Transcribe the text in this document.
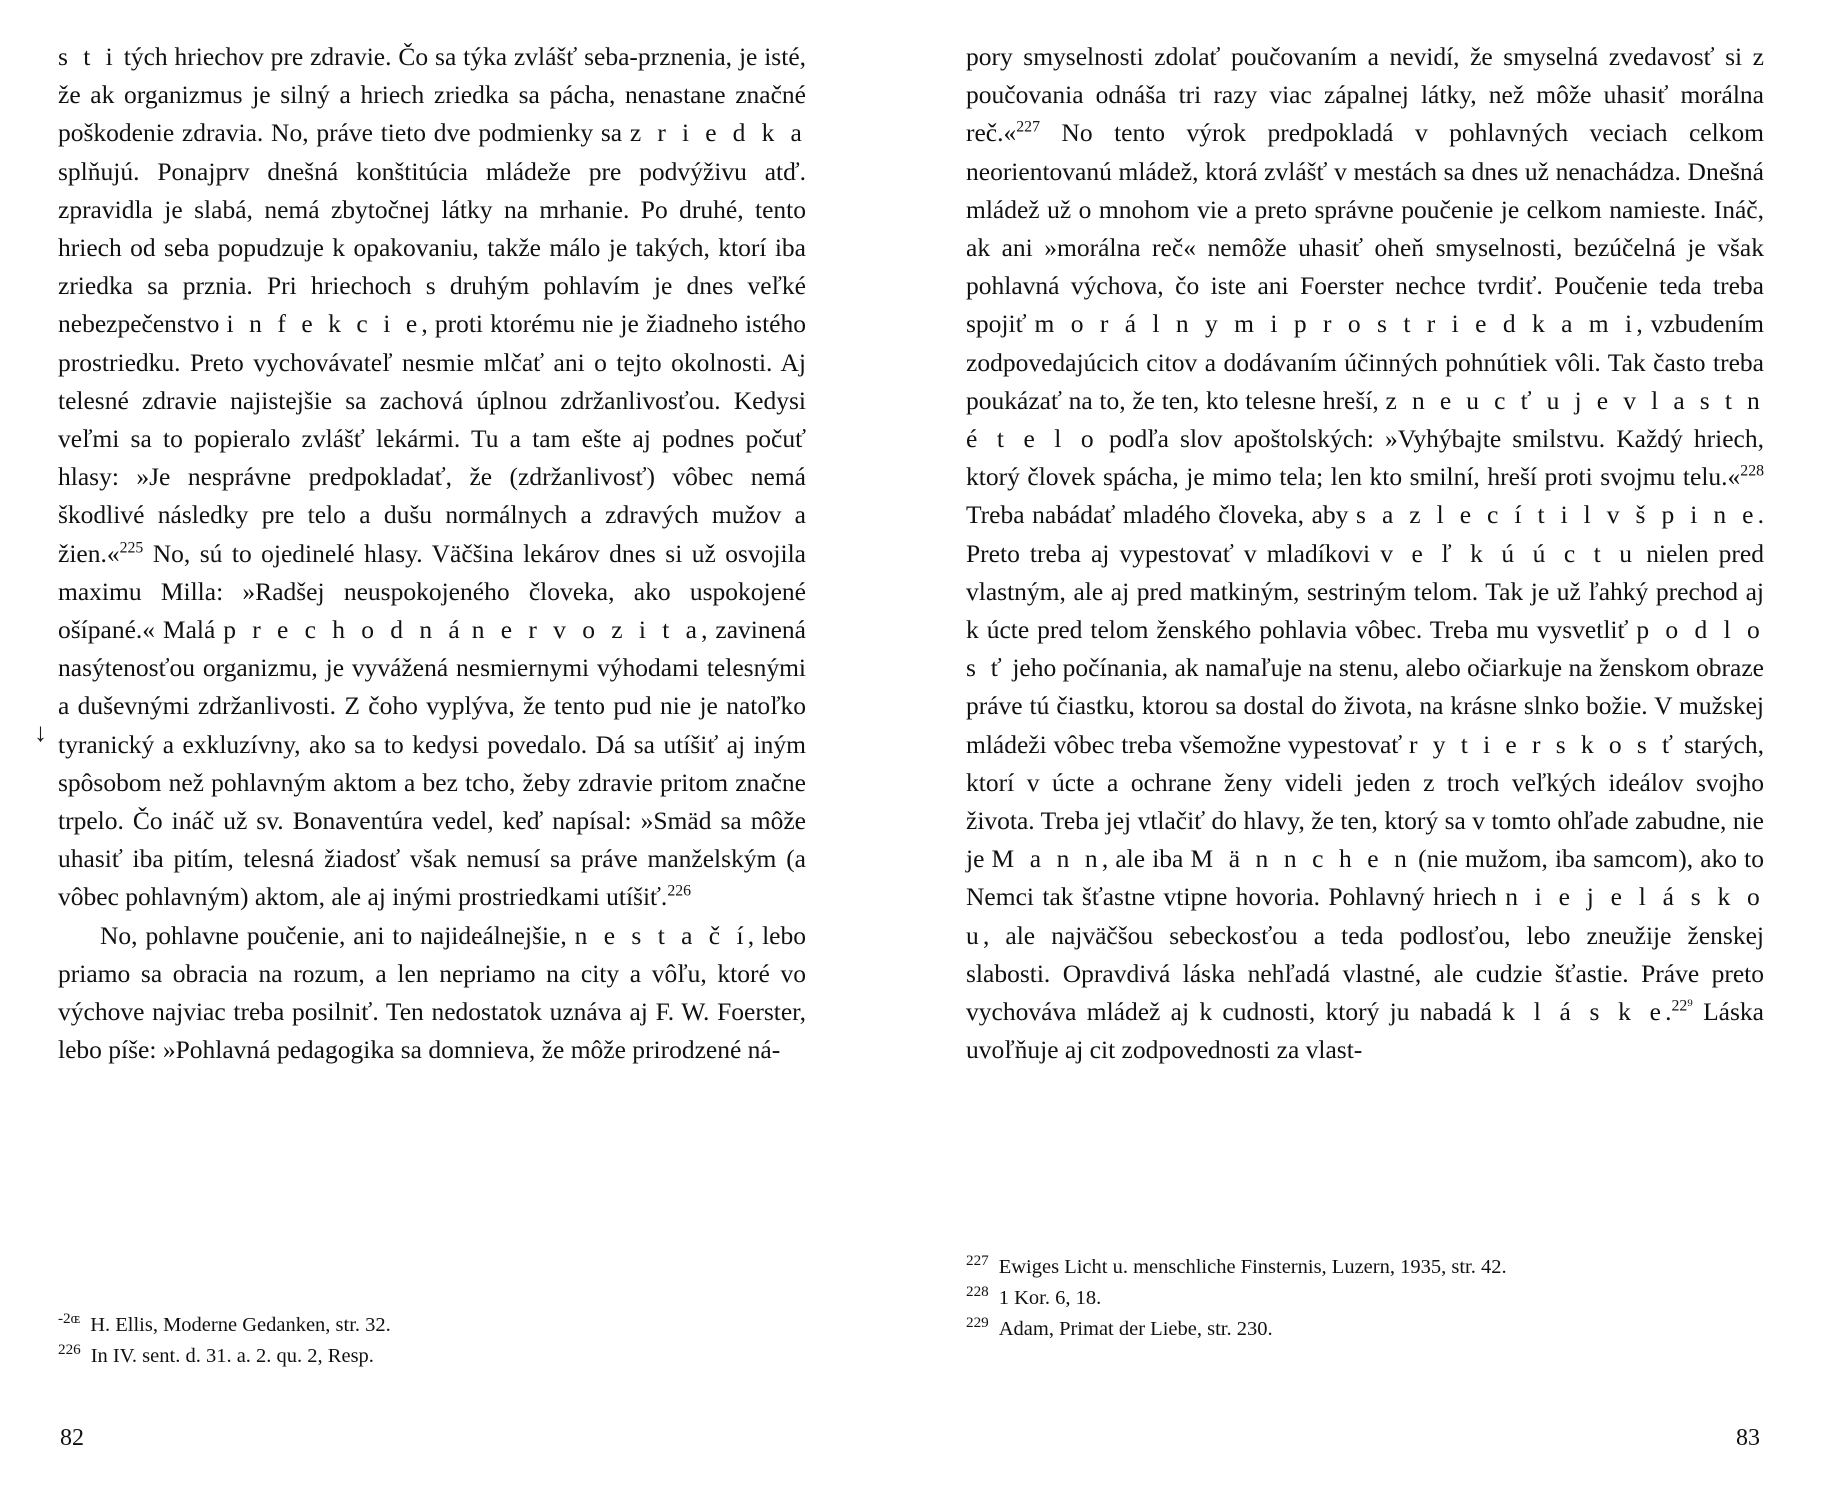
↓

s t i tých hriechov pre zdravie. Čo sa týka zvlášť seba-prznenia, je isté, že ak organizmus je silný a hriech zriedka sa pácha, nenastane značné poškodenie zdravia. No, práve tieto dve podmienky sa z r i e d k a splňujú. Ponajprv dnešná konštitúcia mládeže pre podvýživu atď. zpravidla je slabá, nemá zbytočnej látky na mrhanie. Po druhé, tento hriech od seba popudzuje k opakovaniu, takže málo je takých, ktorí iba zriedka sa prznia. Pri hriechoch s druhým pohlavím je dnes veľké nebezpečenstvo i n f e k c i e, proti ktorému nie je žiadneho istého prostriedku. Preto vychovávateľ nesmie mlčať ani o tejto okolnosti. Aj telesné zdravie najistejšie sa zachová úplnou zdržanlivosťou. Kedysi veľmi sa to popieralo zvlášť lekármi. Tu a tam ešte aj podnes počuť hlasy: »Je nesprávne predpokladať, že (zdržanlivosť) vôbec nemá škodlivé následky pre telo a dušu normálnych a zdravých mužov a žien.«$^{225}$ No, sú to ojedinelé hlasy. Väčšina lekárov dnes si už osvojila maximu Milla: »Radšej neuspokojeného človeka, ako uspokojené ošípané.« Malá p r e c h o d n á n e r v o z i t a, zavinená nasýtenosťou organizmu, je vyvážená nesmiernymi výhodami telesnými a duševnými zdržanlivosti. Z čoho vyplýva, že tento pud nie je natoľko tyranický a exkluzívny, ako sa to kedysi povedalo. Dá sa utíšiť aj iným spôsobom než pohlavným aktom a bez tcho, žeby zdravie pritom značne trpelo. Čo ináč už sv. Bonaventúra vedel, keď napísal: »Smäd sa môže uhasiť iba pitím, telesná žiadosť však nemusí sa práve manželským (a vôbec pohlavným) aktom, ale aj inými prostriedkami utíšiť.$^{226}$

No, pohlavne poučenie, ani to najideálnejšie, n e s t a č í, lebo priamo sa obracia na rozum, a len nepriamo na city a vôľu, ktoré vo výchove najviac treba posilniť. Ten nedostatok uznáva aj F. W. Foerster, lebo píše: »Pohlavná pedagogika sa domnieva, že môže prirodzené ná-

$^{-2ɶ}$ H. Ellis, Moderne Gedanken, str. 32.

$^{226}$ In IV. sent. d. 31. a. 2. qu. 2, Resp.

82

pory smyselnosti zdolať poučovaním a nevidí, že smyselná zvedavosť si z poučovania odnáša tri razy viac zápalnej látky, než môže uhasiť morálna reč.«$^{227}$ No tento výrok predpokladá v pohlavných veciach celkom neorientovanú mládež, ktorá zvlášť v mestách sa dnes už nenachádza. Dnešná mládež už o mnohom vie a preto správne poučenie je celkom namieste. Ináč, ak ani »morálna reč« nemôže uhasiť oheň smyselnosti, bezúčelná je však pohlavná výchova, čo iste ani Foerster nechce tvrdiť. Poučenie teda treba spojiť m o r á l n y m i p r o s t r i e d k a m i, vzbudením zodpovedajúcich citov a dodávaním účinných pohnútiek vôli. Tak často treba poukázať na to, že ten, kto telesne hreší, z n e u c ť u j e v l a s t n é t e l o podľa slov apoštolských: »Vyhýbajte smilstvu. Každý hriech, ktorý človek spácha, je mimo tela; len kto smilní, hreší proti svojmu telu.«$^{228}$ Treba nabádať mladého človeka, aby s a z l e c í t i l v š p i n e. Preto treba aj vypestovať v mladíkovi v e ľ k ú ú c t u nielen pred vlastným, ale aj pred matkiným, sestriným telom. Tak je už ľahký prechod aj k úcte pred telom ženského pohlavia vôbec. Treba mu vysvetliť p o d l o s ť jeho počínania, ak namaľuje na stenu, alebo očiarkuje na ženskom obraze práve tú čiastku, ktorou sa dostal do života, na krásne slnko božie. V mužskej mládeži vôbec treba všemožne vypestovať r y t i e r s k o s ť starých, ktorí v úcte a ochrane ženy videli jeden z troch veľkých ideálov svojho života. Treba jej vtlačiť do hlavy, že ten, ktorý sa v tomto ohľade zabudne, nie je M a n n, ale iba M ä n n c h e n (nie mužom, iba samcom), ako to Nemci tak šťastne vtipne hovoria. Pohlavný hriech n i e j e l á s k o u, ale najväčšou sebeckosťou a teda podlosťou, lebo zneužije ženskej slabosti. Opravdivá láska nehľadá vlastné, ale cudzie šťastie. Práve preto vychováva mládež aj k cudnosti, ktorý ju nabadá k l á s k e.$^{22^9}$ Láska uvoľňuje aj cit zodpovednosti za vlast-

$^{227}$ Ewiges Licht u. menschliche Finsternis, Luzern, 1935, str. 42.

$^{228}$ 1 Kor. 6, 18.

$^{229}$ Adam, Primat der Liebe, str. 230.

83
